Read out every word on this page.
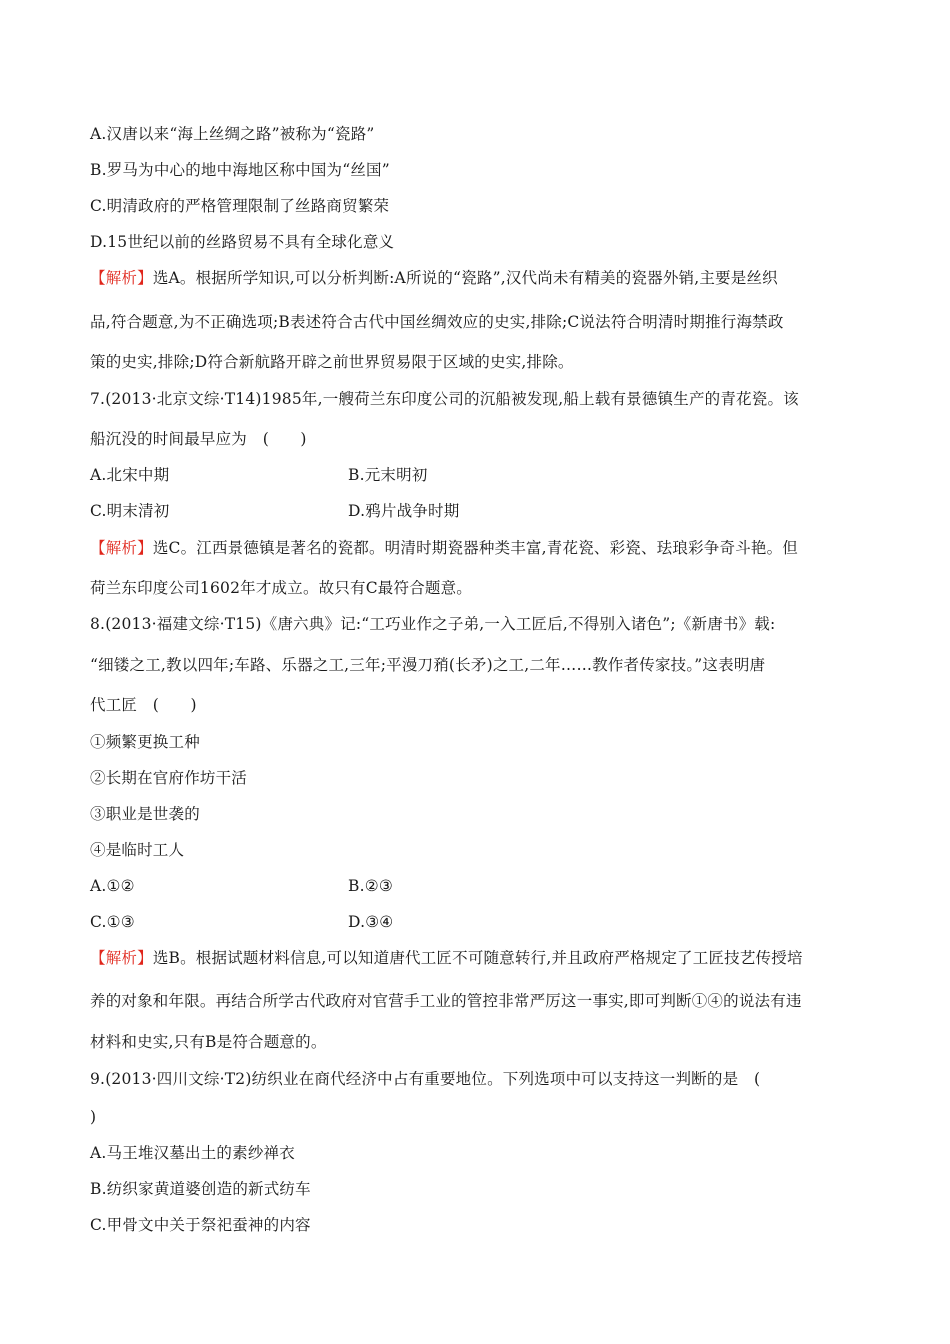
A.汉唐以来“海上丝绸之路”被称为“瓷路”
B.罗马为中心的地中海地区称中国为“丝国”
C.明清政府的严格管理限制了丝路商贸繁荣
D.15世纪以前的丝路贸易不具有全球化意义
【解析】选A。根据所学知识,可以分析判断:A所说的“瓷路”,汉代尚未有精美的瓷器外销,主要是丝织
品,符合题意,为不正确选项;B表述符合古代中国丝绸效应的史实,排除;C说法符合明清时期推行海禁政
策的史实,排除;D符合新航路开辟之前世界贸易限于区域的史实,排除。
7.(2013·北京文综·T14)1985年,一艘荷兰东印度公司的沉船被发现,船上载有景德镇生产的青花瓷。该
船沉没的时间最早应为　(　　)
A.北宋中期	B.元末明初
C.明末清初	D.鸦片战争时期
【解析】选C。江西景德镇是著名的瓷都。明清时期瓷器种类丰富,青花瓷、彩瓷、珐琅彩争奇斗艳。但
荷兰东印度公司1602年才成立。故只有C最符合题意。
8.(2013·福建文综·T15)《唐六典》记:“工巧业作之子弟,一入工匠后,不得别入诸色”;《新唐书》载:
“细镂之工,教以四年;车路、乐器之工,三年;平漫刀矟(长矛)之工,二年……教作者传家技。”这表明唐
代工匠　(　　)
①频繁更换工种
②长期在官府作坊干活
③职业是世袭的
④是临时工人
A.①②	B.②③
C.①③	D.③④
【解析】选B。根据试题材料信息,可以知道唐代工匠不可随意转行,并且政府严格规定了工匠技艺传授培
养的对象和年限。再结合所学古代政府对官营手工业的管控非常严厉这一事实,即可判断①④的说法有违
材料和史实,只有B是符合题意的。
9.(2013·四川文综·T2)纺织业在商代经济中占有重要地位。下列选项中可以支持这一判断的是　(
)
A.马王堆汉墓出土的素纱禅衣
B.纺织家黄道婆创造的新式纺车
C.甲骨文中关于祭祀蚕神的内容
